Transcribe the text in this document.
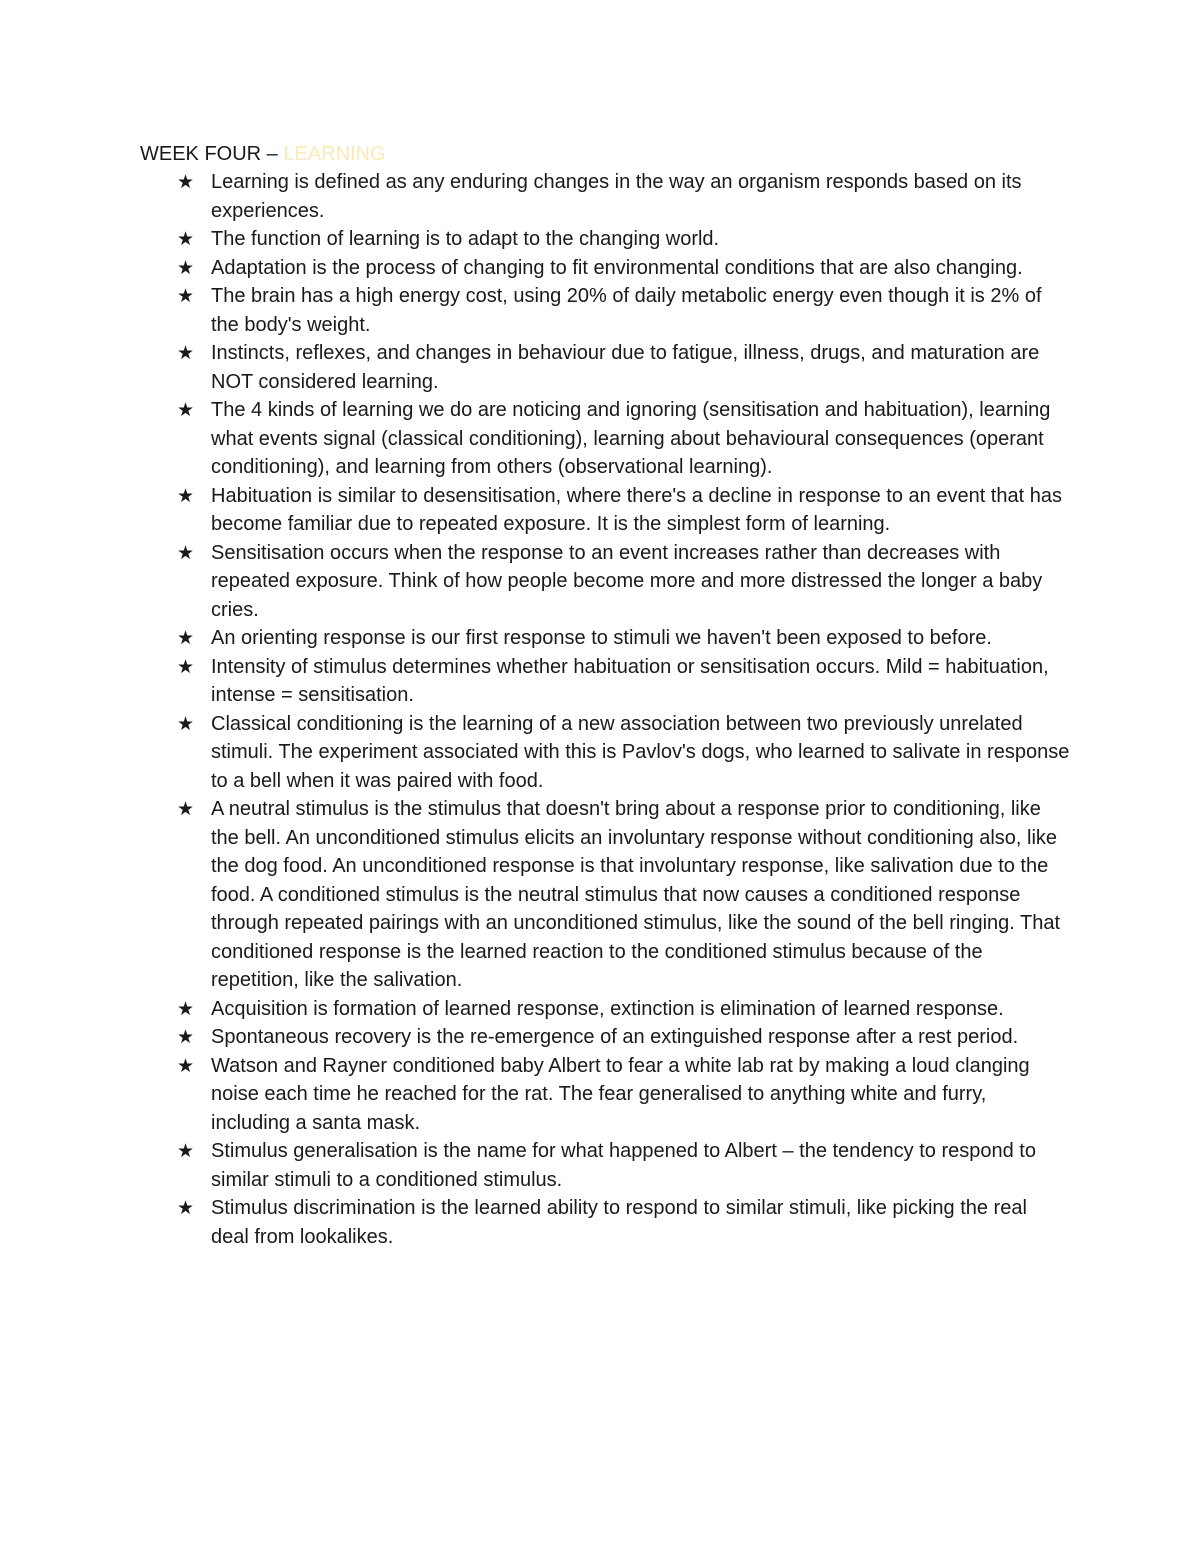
WEEK FOUR – LEARNING
★ Learning is defined as any enduring changes in the way an organism responds based on its experiences.
★ The function of learning is to adapt to the changing world.
★ Adaptation is the process of changing to fit environmental conditions that are also changing.
★ The brain has a high energy cost, using 20% of daily metabolic energy even though it is 2% of the body's weight.
★ Instincts, reflexes, and changes in behaviour due to fatigue, illness, drugs, and maturation are NOT considered learning.
★ The 4 kinds of learning we do are noticing and ignoring (sensitisation and habituation), learning what events signal (classical conditioning), learning about behavioural consequences (operant conditioning), and learning from others (observational learning).
★ Habituation is similar to desensitisation, where there's a decline in response to an event that has become familiar due to repeated exposure. It is the simplest form of learning.
★ Sensitisation occurs when the response to an event increases rather than decreases with repeated exposure. Think of how people become more and more distressed the longer a baby cries.
★ An orienting response is our first response to stimuli we haven't been exposed to before.
★ Intensity of stimulus determines whether habituation or sensitisation occurs. Mild = habituation, intense = sensitisation.
★ Classical conditioning is the learning of a new association between two previously unrelated stimuli. The experiment associated with this is Pavlov's dogs, who learned to salivate in response to a bell when it was paired with food.
★ A neutral stimulus is the stimulus that doesn't bring about a response prior to conditioning, like the bell. An unconditioned stimulus elicits an involuntary response without conditioning also, like the dog food. An unconditioned response is that involuntary response, like salivation due to the food. A conditioned stimulus is the neutral stimulus that now causes a conditioned response through repeated pairings with an unconditioned stimulus, like the sound of the bell ringing. That conditioned response is the learned reaction to the conditioned stimulus because of the repetition, like the salivation.
★ Acquisition is formation of learned response, extinction is elimination of learned response.
★ Spontaneous recovery is the re-emergence of an extinguished response after a rest period.
★ Watson and Rayner conditioned baby Albert to fear a white lab rat by making a loud clanging noise each time he reached for the rat. The fear generalised to anything white and furry, including a santa mask.
★ Stimulus generalisation is the name for what happened to Albert – the tendency to respond to similar stimuli to a conditioned stimulus.
★ Stimulus discrimination is the learned ability to respond to similar stimuli, like picking the real deal from lookalikes.
